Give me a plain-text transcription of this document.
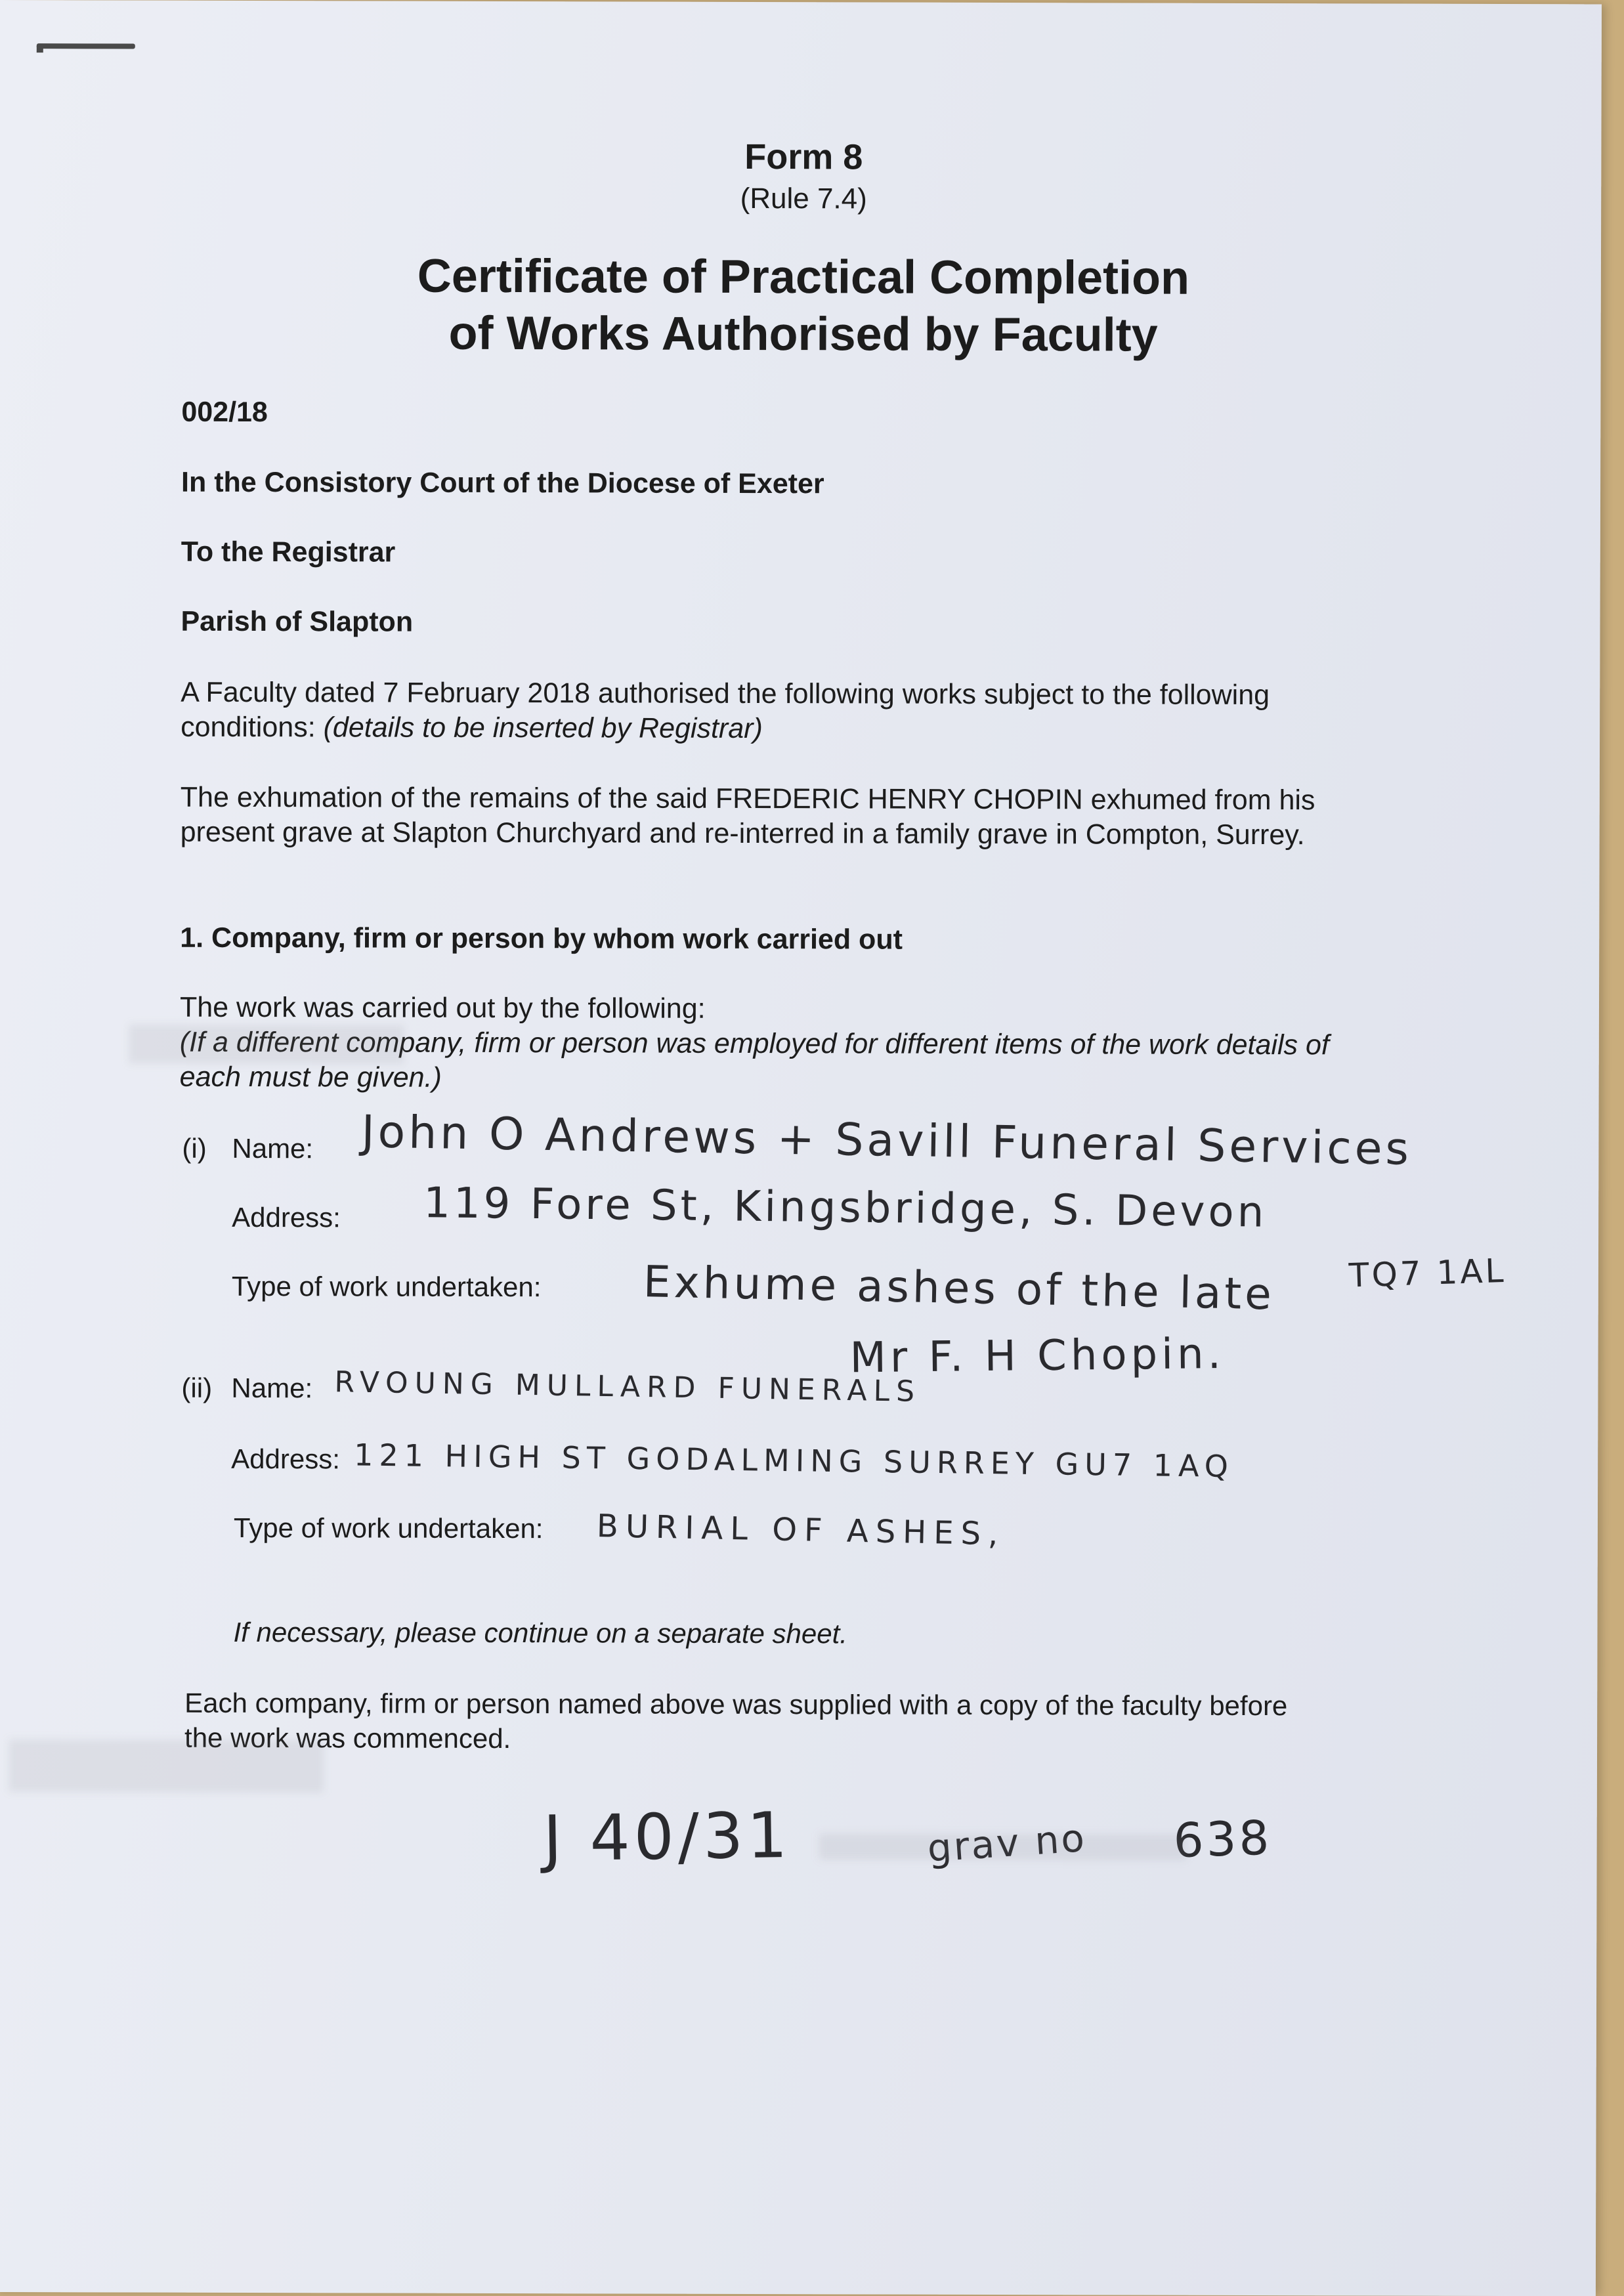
Form 8
(Rule 7.4)
Certificate of Practical Completion
of Works Authorised by Faculty
002/18
In the Consistory Court of the Diocese of Exeter
To the Registrar
Parish of Slapton
A Faculty dated 7 February 2018 authorised the following works subject to the following
conditions: (details to be inserted by Registrar)
The exhumation of the remains of the said FREDERIC HENRY CHOPIN exhumed from his
present grave at Slapton Churchyard and re-interred in a family grave in Compton, Surrey.
1. Company, firm or person by whom work carried out
The work was carried out by the following:
(If a different company, firm or person was employed for different items of the work details of
each must be given.)
(i) Name: John O Andrews + Savill Funeral Services
Address: 119 Fore St, Kingsbridge, S. Devon
TQ7 1AL
Type of work undertaken: Exhume ashes of the late
Mr F. H Chopin.
(ii) Name: RVOUNG MULLARD FUNERALS
Address: 121 HIGH ST GODALMING SURREY GU7 1AQ
Type of work undertaken: BURIAL OF ASHES,
If necessary, please continue on a separate sheet.
Each company, firm or person named above was supplied with a copy of the faculty before
the work was commenced.
J 40/31	grav no 638
